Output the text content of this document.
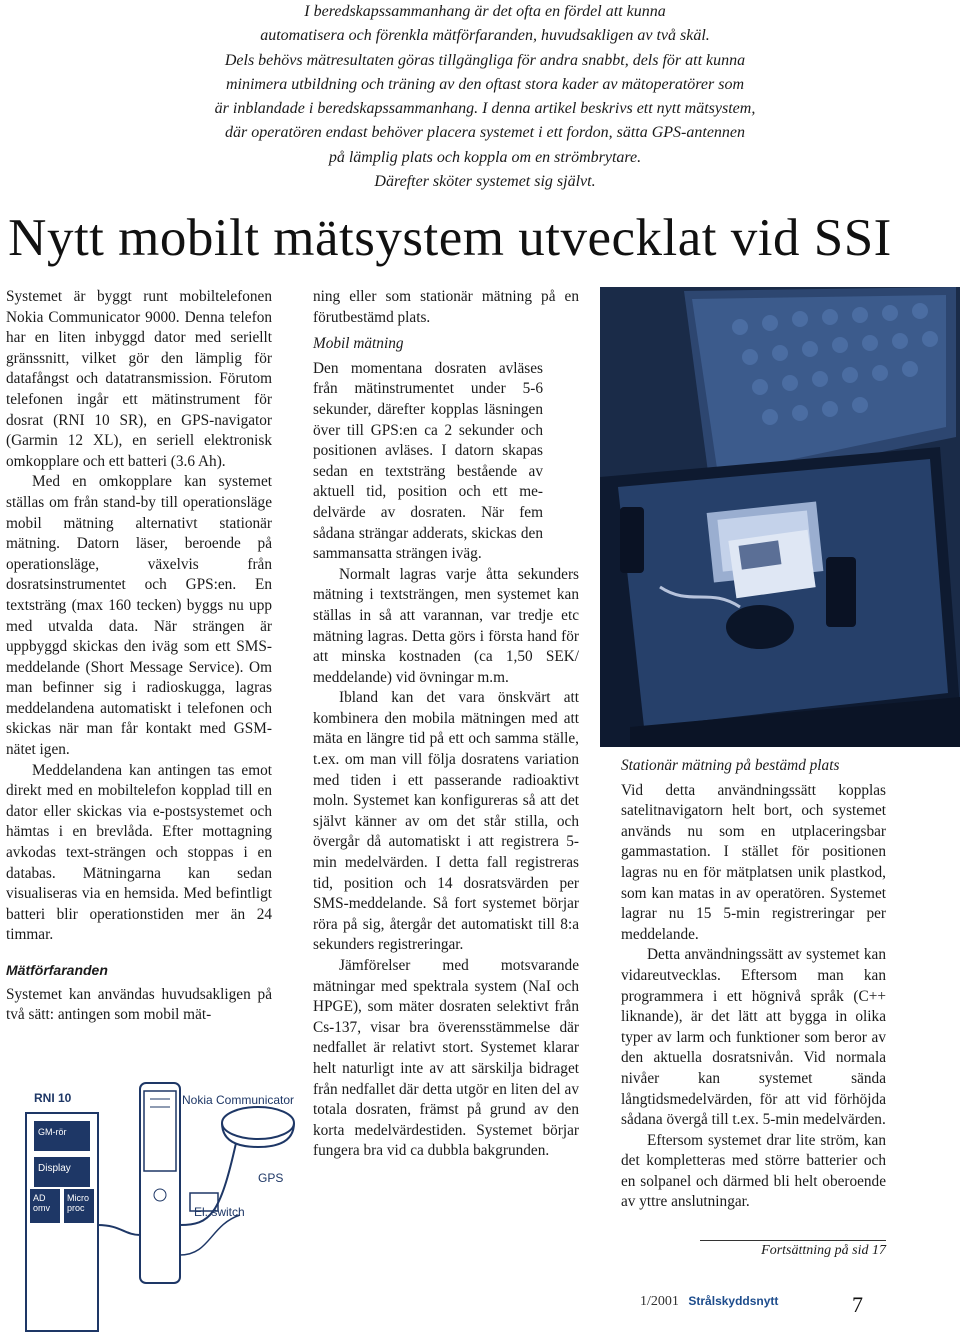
I beredskapssammanhang är det ofta en fördel att kunna

automatisera och förenkla mätförfaranden, huvudsakligen av två skäl.

Dels behövs mätresultaten göras tillgängliga för andra snabbt, dels för att kunna

minimera utbildning och träning av den oftast stora kader av mätoperatörer som

är inblandade i beredskapssammanhang. I denna artikel beskrivs ett nytt mätsystem,

där operatören endast behöver placera systemet i ett fordon, sätta GPS-antennen

på lämplig plats och koppla om en strömbrytare.

Därefter sköter systemet sig självt.

Nytt mobilt mätsystem utvecklat vid SSI

Systemet är byggt runt mobiltelefonen Nokia Communicator 9000. Denna telefon har en liten inbyggd dator med seriellt gränssnitt, vilket gör den lämplig för datafångst och datatransmission. Förutom telefonen ingår ett mätinstrument för dosrat (RNI 10 SR), en GPS-navigator (Garmin 12 XL), en seriell elektronisk omkopplare och ett batteri (3.6 Ah).

Med en omkopplare kan systemet ställas om från stand-by till operationsläge mobil mätning alternativt stationär mätning. Datorn läser, beroende på operationsläge, växelvis från dosratsinstrumentet och GPS:en. En textsträng (max 160 tecken) byggs nu upp med utvalda data. När strängen är uppbyggd skickas den iväg som ett SMS-meddelande (Short Message Service). Om man befinner sig i radioskugga, lagras meddelandena automatiskt i telefonen och skickas när man får kontakt med GSM-nätet igen.

Meddelandena kan antingen tas emot direkt med en mobiltelefon kopplad till en dator eller skickas via e-postsystemet och hämtas i en brevlåda. Efter mottagning avkodas text-strängen och stoppas i en databas. Mätningarna kan sedan visualiseras via en hemsida. Med befintligt batteri blir operationstiden mer än 24 timmar.

Mätförfaranden

Systemet kan användas huvudsakligen på två sätt: antingen som mobil mät-

ning eller som stationär mätning på en förutbestämd plats.

Mobil mätning

Den momentana dosraten avläses från mätinstrumentet under 5-6 sekunder, därefter kopplas läsningen över till GPS:en ca 2 sekunder och positionen avläses. I datorn skapas sedan en textsträng bestående av aktuell tid, position och ett me-delvärde av dosraten. När fem sådana strängar adderats, skickas den sammansatta strängen iväg.

Normalt lagras varje åtta sekunders mätning i textsträngen, men systemet kan ställas in så att varannan, var tredje etc mätning lagras. Detta görs i första hand för att minska kostnaden (ca 1,50 SEK/ meddelande) vid övningar m.m.

Ibland kan det vara önskvärt att kombinera den mobila mätningen med att mäta en längre tid på ett och samma ställe, t.ex. om man vill följa dosratens variation med tiden i ett passerande radioaktivt moln. Systemet kan konfigureras så att det självt känner av om det står stilla, och övergår då automatiskt i att registrera 5-min medelvärden. I detta fall registreras tid, position och 14 dosratsvärden per SMS-meddelande. Så fort systemet börjar röra på sig, återgår det automatiskt till 8:a sekunders registreringar.

Jämförelser med motsvarande mätningar med spektrala system (NaI och HPGE), som mäter dosraten selektivt från Cs-137, visar bra överensstämmelse där nedfallet är relativt stort. Systemet klarar helt naturligt inte av att särskilja bidraget från nedfallet där detta utgör en liten del av totala dosraten, främst på grund av den korta medelvärdestiden. Systemet börjar fungera bra vid ca dubbla bakgrunden.

Stationär mätning på bestämd plats

Vid detta användningssätt kopplas satelitnavigatorn helt bort, och systemet används nu som en utplaceringsbar gammastation. I stället för positionen lagras nu en för mätplatsen unik plastkod, som kan matas in av operatören. Systemet lagrar nu 15 5-min registreringar per meddelande.

Detta användningssätt av systemet kan vidareutvecklas. Eftersom man kan programmera i ett högnivå språk (C++ liknande), är det lätt att bygga in olika typer av larm och funktioner som beror av den aktuella dosratsnivån. Vid normala nivåer kan systemet sända långtidsmedelvärden, för att vid förhöjda sådana övergå till t.ex. 5-min medelvärden.

Eftersom systemet drar lite ström, kan det kompletteras med större batterier och en solpanel och därmed bli helt oberoende av yttre anslutningar.

Fortsättning på sid 17
RNI 10
GM-rör
Display
AD omv
Micro proc
Nokia Communicator
GPS
El. switch
1/2001 Strålskyddsnytt	7
